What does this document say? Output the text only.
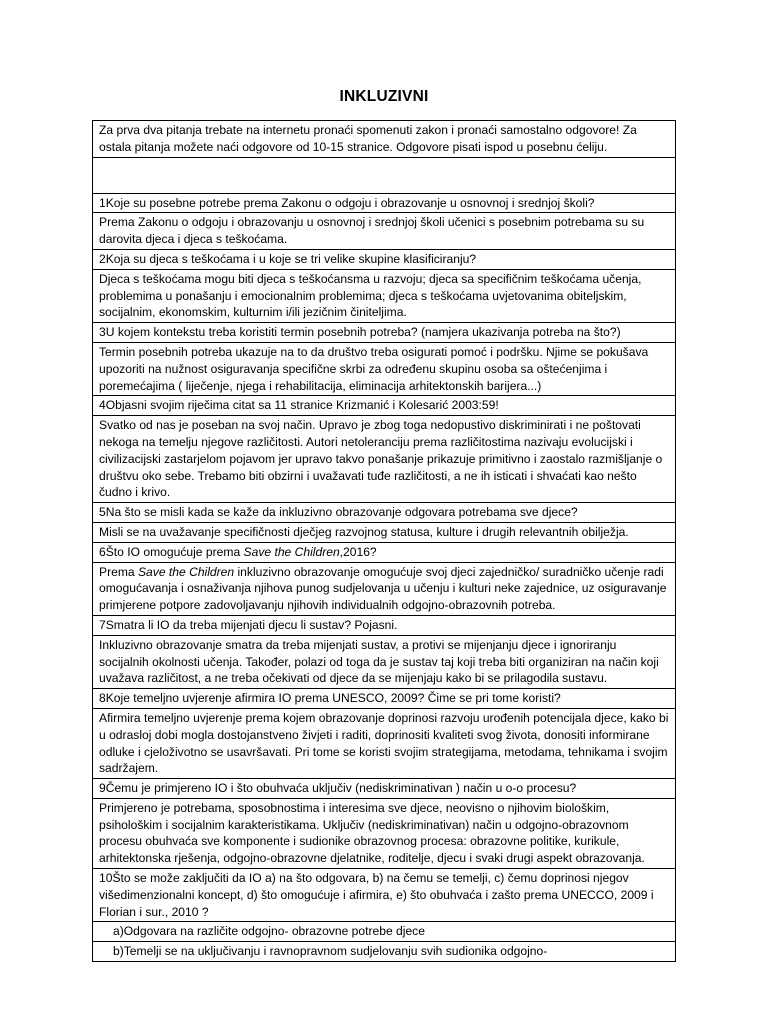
INKLUZIVNI
Za prva dva pitanja trebate na internetu pronaći spomenuti zakon i pronaći samostalno odgovore! Za ostala pitanja možete naći odgovore od 10-15 stranice. Odgovore pisati ispod u posebnu ćeliju.

1Koje su posebne potrebe prema Zakonu o odgoju i obrazovanje u osnovnoj i srednjoj školi?
Prema Zakonu o odgoju i obrazovanju u osnovnoj i srednjoj školi učenici s posebnim potrebama su su darovita djeca i djeca s teškoćama.
2Koja su djeca s teškoćama i u koje se tri velike skupine klasificiranju?
Djeca s teškoćama mogu biti djeca s teškoćansma u razvoju; djeca sa specifičnim teškoćama učenja, problemima u ponašanju i emocionalnim problemima; djeca s teškoćama uvjetovanima obiteljskim, socijalnim, ekonomskim, kulturnim i/ili jezičnim činiteljima.
3U kojem kontekstu treba koristiti termin posebnih potreba? (namjera ukazivanja potreba na što?)
Termin posebnih potreba ukazuje na to da društvo treba osigurati pomoć i podršku. Njime se pokušava upozoriti na nužnost osiguravanja specifične skrbi za određenu skupinu osoba sa oštećenjima i poremećajima ( liječenje, njega i rehabilitacija, eliminacija arhitektonskih barijera...)
4Objasni svojim riječima citat sa 11 stranice Krizmanić i Kolesarić 2003:59!
Svatko od nas je poseban na svoj način. Upravo je zbog toga nedopustivo diskriminirati i ne poštovati nekoga na temelju njegove različitosti. Autori netoleranciju prema različitostima nazivaju evolucijski i civilizacijski zastarjelom pojavom jer upravo takvo ponašanje prikazuje primitivno i zaostalo razmišljanje o društvu oko sebe. Trebamo biti obzirni i uvažavati tuđe različitosti, a ne ih isticati i shvaćati kao nešto čudno i krivo.
5Na što se misli kada se kaže da inkluzivno obrazovanje odgovara potrebama sve djece?
Misli se na uvažavanje specifičnosti dječjeg razvojnog statusa, kulture i drugih relevantnih obilježja.
6Što IO omogućuje prema Save the Children,2016?
Prema Save the Children inkluzivno obrazovanje omogućuje svoj djeci zajedničko/ suradničko učenje radi omogućavanja i osnaživanja njihova punog sudjelovanja u učenju i kulturi neke zajednice, uz osiguravanje primjerene potpore zadovoljavanju njihovih individualnih odgojno-obrazovnih potreba.
7Smatra li IO da treba mijenjati djecu li sustav? Pojasni.
Inkluzivno obrazovanje smatra da treba mijenjati sustav, a protivi se mijenjanju djece i ignoriranju socijalnih okolnosti učenja. Također, polazi od toga da je sustav taj koji treba biti organiziran na način koji uvažava različitost, a ne treba očekivati od djece da se mijenjaju kako bi se prilagodila sustavu.
8Koje temeljno uvjerenje afirmira IO prema UNESCO, 2009? Čime se pri tome koristi?
Afirmira temeljno uvjerenje prema kojem obrazovanje doprinosi razvoju urođenih potencijala djece, kako bi u odrasloj dobi mogla dostojanstveno živjeti i raditi, doprinositi kvaliteti svog života, donositi informirane odluke i cjeloživotno se usavršavati. Pri tome se koristi svojim strategijama, metodama, tehnikama i svojim sadržajem.
9Čemu je primjereno IO i što obuhvaća uključiv (nediskriminativan ) način u o-o procesu?
Primjereno je potrebama, sposobnostima i interesima sve djece, neovisno o njihovim biološkim, psihološkim i socijalnim karakteristikama. Uključiv (nediskriminativan) način u odgojno-obrazovnom procesu obuhvaća sve komponente i sudionike obrazovnog procesa: obrazovne politike, kurikule, arhitektonska rješenja, odgojno-obrazovne djelatnike, roditelje, djecu i svaki drugi aspekt obrazovanja.
10Što se može zaključiti da IO a) na što odgovara, b) na čemu se temelji, c) čemu doprinosi njegov višedimenzionalni koncept, d) što omogućuje i afirmira, e) što obuhvaća i zašto prema UNECCO, 2009 i Florian i sur., 2010 ?
a)Odgovara na različite odgojno- obrazovne potrebe djece
b)Temelji se na uključivanju i ravnopravnom sudjelovanju svih sudionika odgojno-
